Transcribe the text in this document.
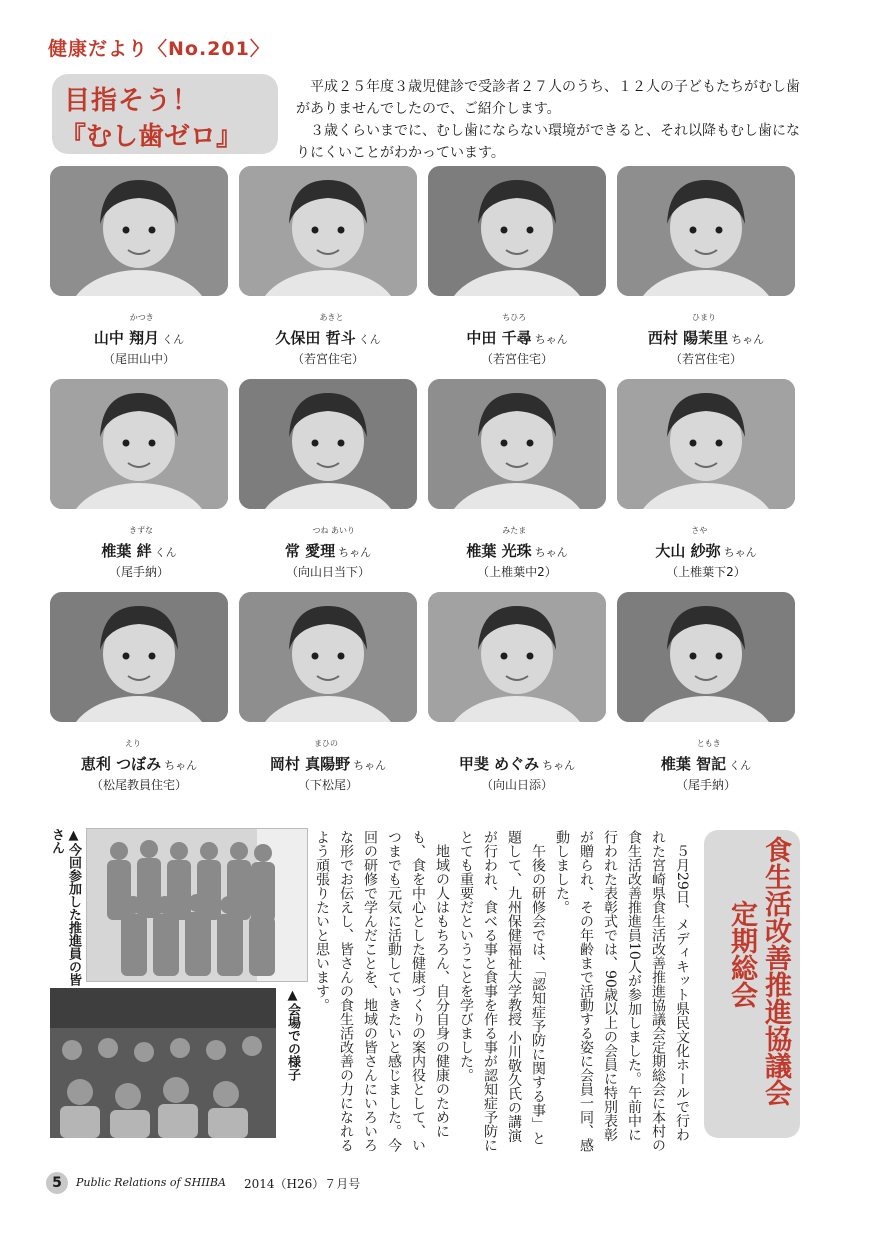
健康だより〈No.201〉
目指そう！
『むし歯ゼロ』

平成２５年度３歳児健診で受診者２７人のうち、１２人の子どもたちがむし歯がありませんでしたので、ご紹介します。

３歳くらいまでに、むし歯にならない環境ができると、それ以降もむし歯になりにくいことがわかっています。

かつき
山中 翔月 くん
（尾田山中）
あきと
久保田 哲斗 くん
（若宮住宅）
ちひろ
中田 千尋 ちゃん
（若宮住宅）
ひまり
西村 陽茉里 ちゃん
（若宮住宅）
きずな
椎葉 絆 くん
（尾手納）
つね あいり
常 愛理 ちゃん
（向山日当下）
みたま
椎葉 光珠 ちゃん
（上椎葉中2）
さや
大山 紗弥 ちゃん
（上椎葉下2）
えり
恵利 つぼみ ちゃん
（松尾教員住宅）
まひの
岡村 真陽野 ちゃん
（下松尾）
甲斐 めぐみ ちゃん
（向山日添）
ともき
椎葉 智記 くん
（尾手納）
▲今回参加した推進員の皆さん
▲会場での様子	５月29日、メディキット県民文化ホールで行われた宮崎県食生活改善推進協議会定期総会に本村の食生活改善推進員10人が参加しました。午前中に行われた表彰式では、90歳以上の会員に特別表彰が贈られ、その年齢まで活動する姿に会員一同、感動しました。

午後の研修会では、「認知症予防に関する事」と題して、九州保健福祉大学教授 小川敬久氏の講演が行われ、食べる事と食事を作る事が認知症予防にとても重要だということを学びました。

地域の人はもちろん、自分自身の健康のためにも、食を中心とした健康づくりの案内役として、いつまでも元気に活動していきたいと感じました。今回の研修で学んだことを、地域の皆さんにいろいろな形でお伝えし、皆さんの食生活改善の力になれるよう頑張りたいと思います。	食生活改善推進協議会 定期総会
5	Public Relations of SHIIBA 2014（H26）７月号
